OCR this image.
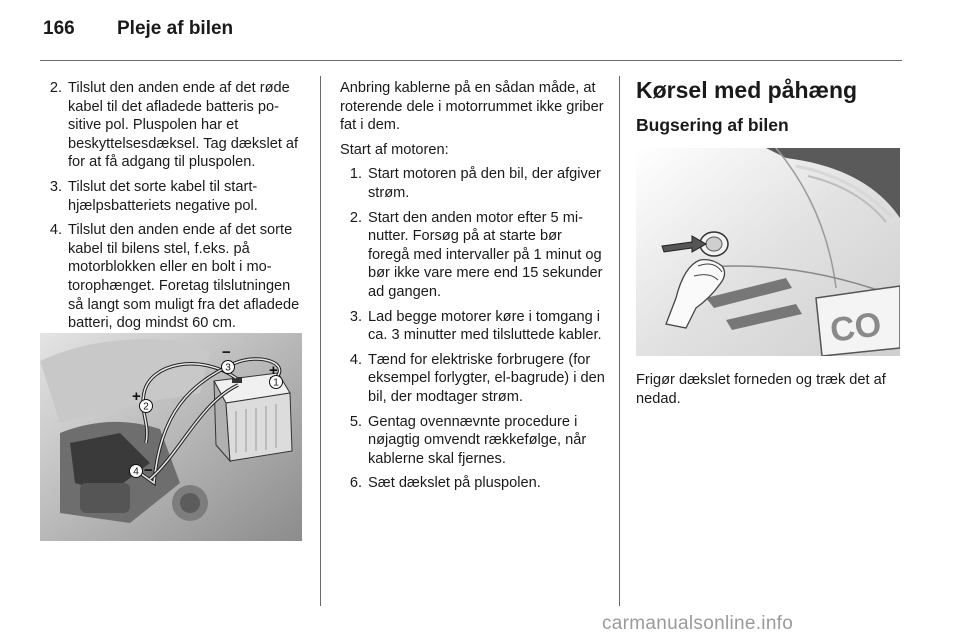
166 Pleje af bilen
2. Tilslut den anden ende af det røde kabel til det afladede batteris positive pol. Pluspolen har et beskyttelsesdæksel. Tag dækslet af for at få adgang til pluspolen.
3. Tilslut det sorte kabel til starthjælpsbatteriets negative pol.
4. Tilslut den anden ende af det sorte kabel til bilens stel, f.eks. på motorblokken eller en bolt i motorophænget. Foretag tilslutningen så langt som muligt fra det afladede batteri, dog mindst 60 cm.
1
2
3
4
+
+
−
−

Anbring kablerne på en sådan måde, at roterende dele i motorrummet ikke griber fat i dem.

Start af motoren:

1. Start motoren på den bil, der afgiver strøm.
2. Start den anden motor efter 5 minutter. Forsøg på at starte bør foregå med intervaller på 1 minut og bør ikke vare mere end 15 sekunder ad gangen.
3. Lad begge motorer køre i tomgang i ca. 3 minutter med tilsluttede kabler.
4. Tænd for elektriske forbrugere (for eksempel forlygter, el-bagrude) i den bil, der modtager strøm.
5. Gentag ovennævnte procedure i nøjagtig omvendt rækkefølge, når kablerne skal fjernes.
6. Sæt dækslet på pluspolen.
Kørsel med påhæng
Bugsering af bilen
CO

Frigør dækslet forneden og træk det af nedad.

carmanualsonline.info
